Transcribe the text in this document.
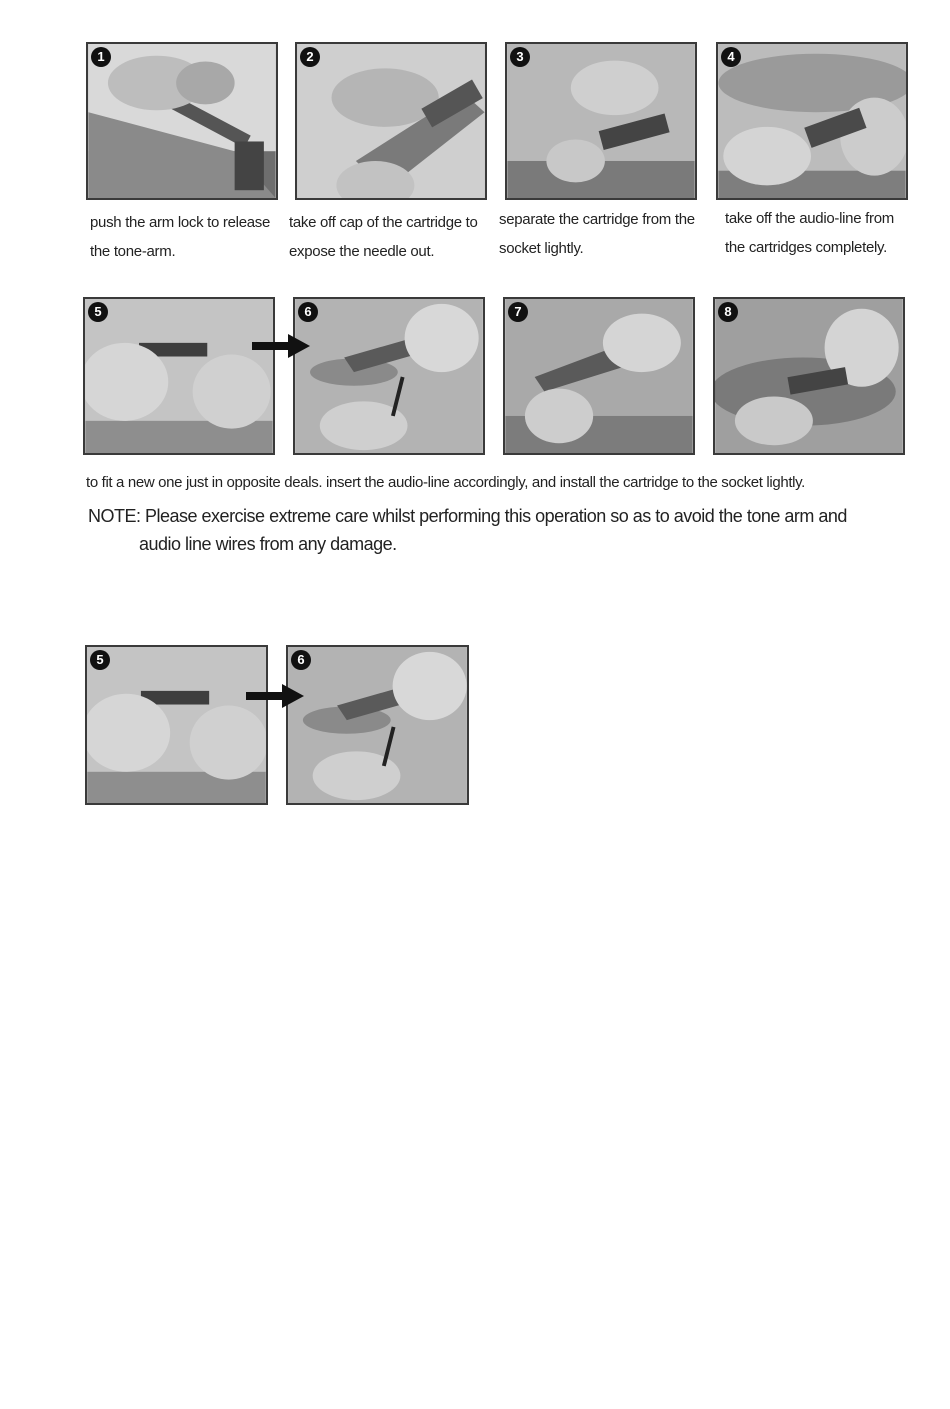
1	2	3	4
push the arm lock to release
the tone-arm.
take off cap of the cartridge to
expose the needle out.
separate the cartridge from the
socket lightly.
take off the audio-line from
the cartridges completely.
5	6	7	8
to fit a new one just in opposite deals. insert the audio-line accordingly, and install the cartridge to the socket lightly.
NOTE: Please exercise extreme care whilst performing this operation so as to avoid the tone arm and
audio line wires from any damage.
5	6
